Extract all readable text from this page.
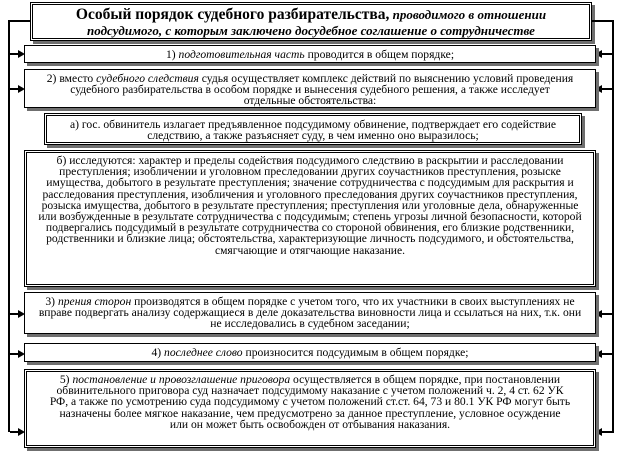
Особый порядок судебного разбирательства, проводимого в отношении
подсудимого, с которым заключено досудебное соглашение о сотрудничестве
1) подготовительная часть проводится в общем порядке;
2) вместо судебного следствия судья осуществляет комплекс действий по выяснению условий проведения судебного разбирательства в особом порядке и вынесения судебного решения, а также исследует отдельные обстоятельства:
а) гос. обвинитель излагает предъявленное подсудимому обвинение, подтверждает его содействие следствию, а также разъясняет суду, в чем именно оно выразилось;
б) исследуются: характер и пределы содействия подсудимого следствию в раскрытии и расследовании преступления; изобличении и уголовном преследовании других соучастников преступления, розыске имущества, добытого в результате преступления; значение сотрудничества с подсудимым для раскрытия и расследования преступления, изобличения и уголовного преследования других соучастников преступления, розыска имущества, добытого в результате преступления; преступления или уголовные дела, обнаруженные или возбужденные в результате сотрудничества с подсудимым; степень угрозы личной безопасности, которой подвергались подсудимый в результате сотрудничества со стороной обвинения, его близкие родственники, родственники и близкие лица; обстоятельства, характеризующие личность подсудимого, и обстоятельства, смягчающие и отягчающие наказание.
3) прения сторон производятся в общем порядке с учетом того, что их участники в своих выступлениях не вправе подвергать анализу содержащиеся в деле доказательства виновности лица и ссылаться на них, т.к. они не исследовались в судебном заседании;
4) последнее слово произносится подсудимым в общем порядке;
5) постановление и провозглашение приговора осуществляется в общем порядке, при постановлении обвинительного приговора суд назначает подсудимому наказание с учетом положений ч. 2, 4 ст. 62 УК РФ, а также по усмотрению суда подсудимому с учетом положений ст.ст. 64, 73 и 80.1 УК РФ могут быть назначены более мягкое наказание, чем предусмотрено за данное преступление, условное осуждение или он может быть освобожден от отбывания наказания.
